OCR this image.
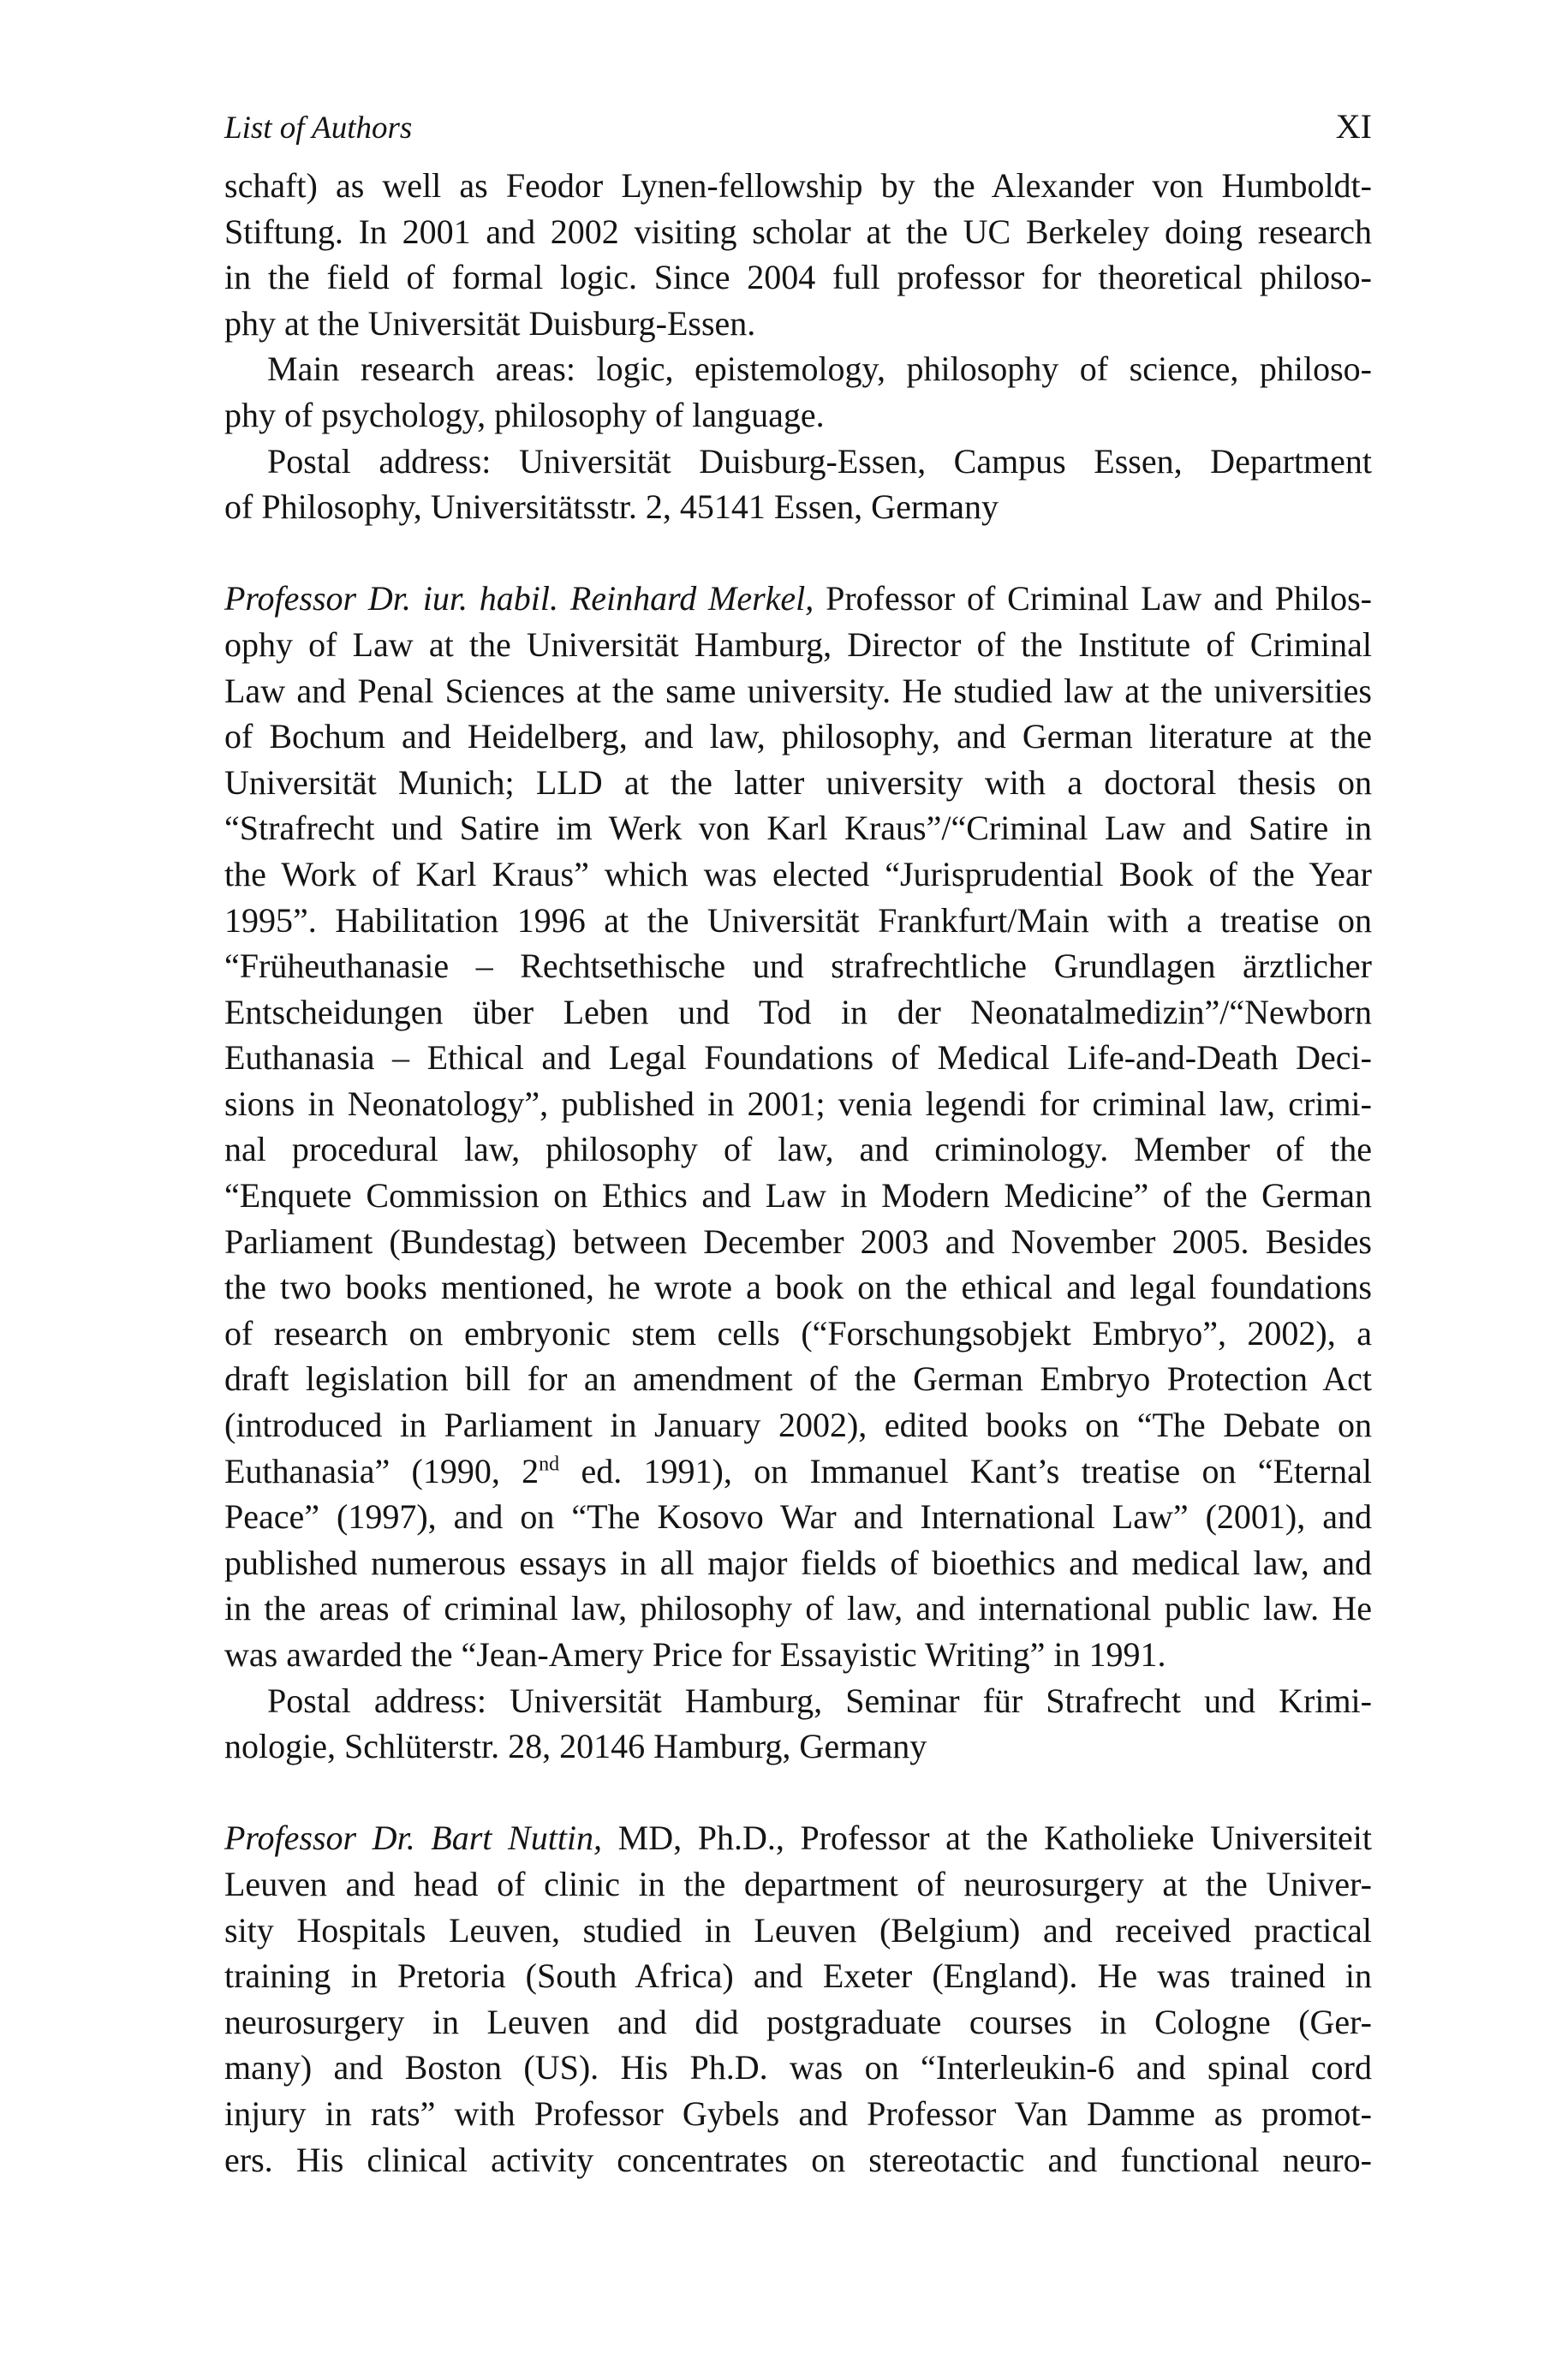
List of Authors	XI
schaft) as well as Feodor Lynen-fellowship by the Alexander von Humboldt-
Stiftung. In 2001 and 2002 visiting scholar at the UC Berkeley doing research
in the field of formal logic. Since 2004 full professor for theoretical philoso-
phy at the Universität Duisburg-Essen.
Main research areas: logic, epistemology, philosophy of science, philoso-
phy of psychology, philosophy of language.
Postal address: Universität Duisburg-Essen, Campus Essen, Department
of Philosophy, Universitätsstr. 2, 45141 Essen, Germany
Professor Dr. iur. habil. Reinhard Merkel, Professor of Criminal Law and Philos-
ophy of Law at the Universität Hamburg, Director of the Institute of Criminal
Law and Penal Sciences at the same university. He studied law at the universities
of Bochum and Heidelberg, and law, philosophy, and German literature at the
Universität Munich; LLD at the latter university with a doctoral thesis on
“Strafrecht und Satire im Werk von Karl Kraus”/“Criminal Law and Satire in
the Work of Karl Kraus” which was elected “Jurisprudential Book of the Year
1995”. Habilitation 1996 at the Universität Frankfurt/Main with a treatise on
“Früheuthanasie – Rechtsethische und strafrechtliche Grundlagen ärztlicher
Entscheidungen über Leben und Tod in der Neonatalmedizin”/“Newborn
Euthanasia – Ethical and Legal Foundations of Medical Life-and-Death Deci-
sions in Neonatology”, published in 2001; venia legendi for criminal law, crimi-
nal procedural law, philosophy of law, and criminology. Member of the
“Enquete Commission on Ethics and Law in Modern Medicine” of the German
Parliament (Bundestag) between December 2003 and November 2005. Besides
the two books mentioned, he wrote a book on the ethical and legal foundations
of research on embryonic stem cells (“Forschungsobjekt Embryo”, 2002), a
draft legislation bill for an amendment of the German Embryo Protection Act
(introduced in Parliament in January 2002), edited books on “The Debate on
Euthanasia” (1990, 2nd ed. 1991), on Immanuel Kant’s treatise on “Eternal
Peace” (1997), and on “The Kosovo War and International Law” (2001), and
published numerous essays in all major fields of bioethics and medical law, and
in the areas of criminal law, philosophy of law, and international public law. He
was awarded the “Jean-Amery Price for Essayistic Writing” in 1991.
Postal address: Universität Hamburg, Seminar für Strafrecht und Krimi-
nologie, Schlüterstr. 28, 20146 Hamburg, Germany
Professor Dr. Bart Nuttin, MD, Ph.D., Professor at the Katholieke Universiteit
Leuven and head of clinic in the department of neurosurgery at the Univer-
sity Hospitals Leuven, studied in Leuven (Belgium) and received practical
training in Pretoria (South Africa) and Exeter (England). He was trained in
neurosurgery in Leuven and did postgraduate courses in Cologne (Ger-
many) and Boston (US). His Ph.D. was on “Interleukin-6 and spinal cord
injury in rats” with Professor Gybels and Professor Van Damme as promot-
ers. His clinical activity concentrates on stereotactic and functional neuro-
